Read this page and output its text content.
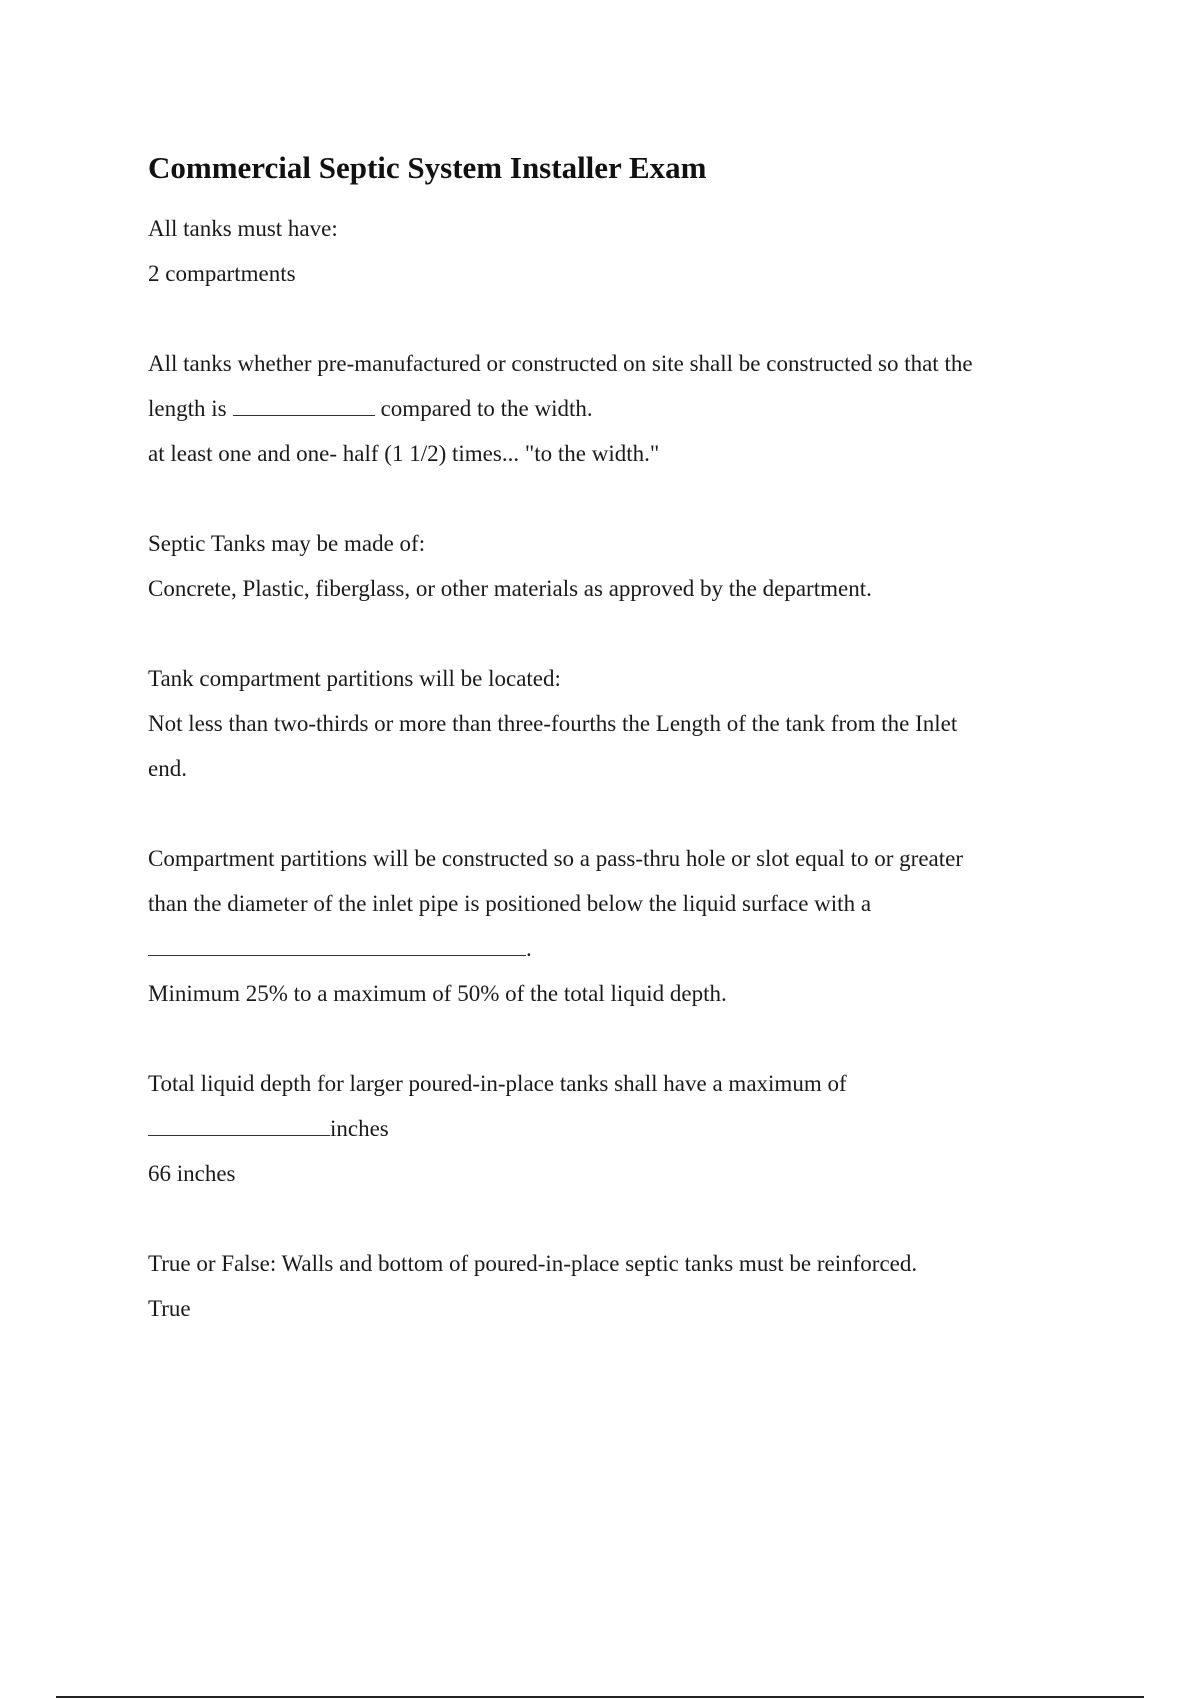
Commercial Septic System Installer Exam

All tanks must have:

2 compartments

All tanks whether pre-manufactured or constructed on site shall be constructed so that the

length is	compared to the width.

at least one and one- half (1 1/2) times... "to the width."

Septic Tanks may be made of:

Concrete, Plastic, fiberglass, or other materials as approved by the department.

Tank compartment partitions will be located:

Not less than two-thirds or more than three-fourths the Length of the tank from the Inlet

end.

Compartment partitions will be constructed so a pass-thru hole or slot equal to or greater

than the diameter of the inlet pipe is positioned below the liquid surface with a

.

Minimum 25% to a maximum of 50% of the total liquid depth.

Total liquid depth for larger poured-in-place tanks shall have a maximum of

inches

66 inches

True or False: Walls and bottom of poured-in-place septic tanks must be reinforced.

True
